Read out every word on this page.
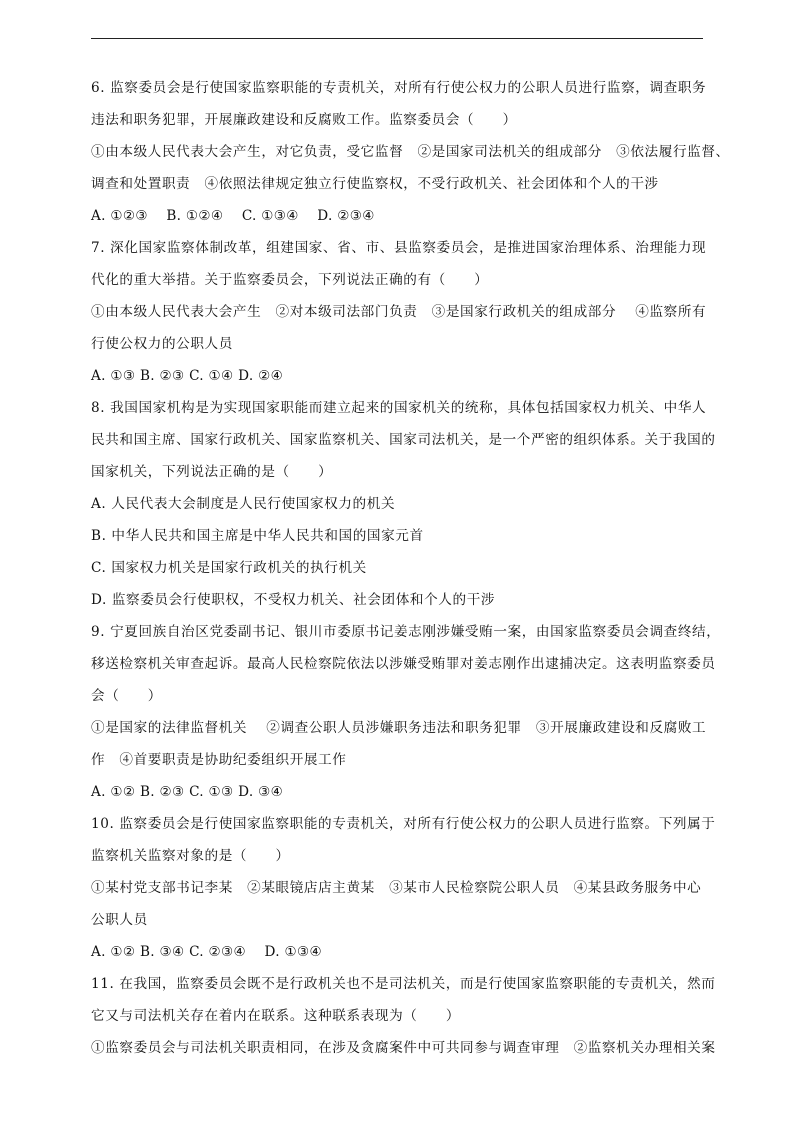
6. 监察委员会是行使国家监察职能的专责机关，对所有行使公权力的公职人员进行监察，调查职务
违法和职务犯罪，开展廉政建设和反腐败工作。监察委员会（　　）
①由本级人民代表大会产生，对它负责，受它监督　②是国家司法机关的组成部分　③依法履行监督、
调查和处置职责　④依照法律规定独立行使监察权，不受行政机关、社会团体和个人的干涉
A. ①②③　 B. ①②④　 C. ①③④　 D. ②③④
7. 深化国家监察体制改革，组建国家、省、市、县监察委员会，是推进国家治理体系、治理能力现
代化的重大举措。关于监察委员会，下列说法正确的有（　　）
①由本级人民代表大会产生　②对本级司法部门负责　③是国家行政机关的组成部分　 ④监察所有
行使公权力的公职人员
A. ①③ B. ②③ C. ①④ D. ②④
8. 我国国家机构是为实现国家职能而建立起来的国家机关的统称，具体包括国家权力机关、中华人
民共和国主席、国家行政机关、国家监察机关、国家司法机关，是一个严密的组织体系。关于我国的
国家机关，下列说法正确的是（　　）
A. 人民代表大会制度是人民行使国家权力的机关
B. 中华人民共和国主席是中华人民共和国的国家元首
C. 国家权力机关是国家行政机关的执行机关
D. 监察委员会行使职权，不受权力机关、社会团体和个人的干涉
9. 宁夏回族自治区党委副书记、银川市委原书记姜志刚涉嫌受贿一案，由国家监察委员会调查终结，
移送检察机关审查起诉。最高人民检察院依法以涉嫌受贿罪对姜志刚作出逮捕决定。这表明监察委员
会（　　）
①是国家的法律监督机关　 ②调查公职人员涉嫌职务违法和职务犯罪　③开展廉政建设和反腐败工
作　④首要职责是协助纪委组织开展工作
A. ①② B. ②③ C. ①③ D. ③④
10. 监察委员会是行使国家监察职能的专责机关，对所有行使公权力的公职人员进行监察。下列属于
监察机关监察对象的是（　　）
①某村党支部书记李某　②某眼镜店店主黄某　③某市人民检察院公职人员　④某县政务服务中心
公职人员
A. ①② B. ③④ C. ②③④　 D. ①③④
11. 在我国，监察委员会既不是行政机关也不是司法机关，而是行使国家监察职能的专责机关，然而
它又与司法机关存在着内在联系。这种联系表现为（　　）
①监察委员会与司法机关职责相同，在涉及贪腐案件中可共同参与调查审理　②监察机关办理相关案
